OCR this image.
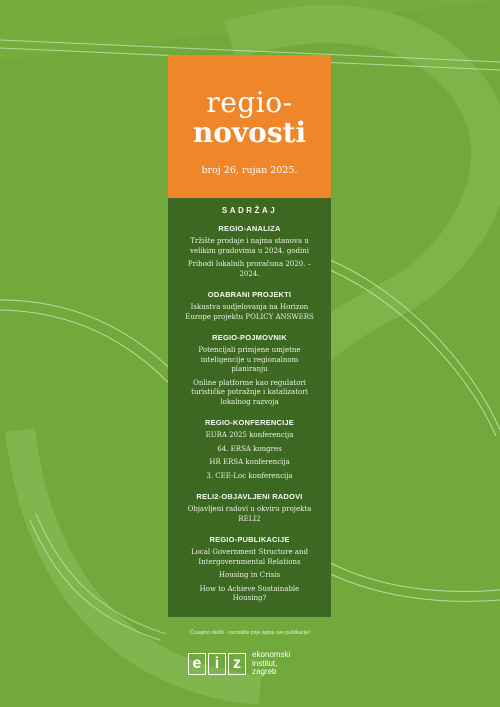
regio-
novosti
broj 26, rujan 2025.
SADRŽAJ
REGIO-ANALIZA
Tržište prodaje i najma stanova u velikim gradovima u 2024. godini
Prihodi lokalnih proračuna 2020. – 2024.
ODABRANI PROJEKTI
Iskustva sudjelovanja na Horizon Europe projektu POLICY ANSWERS
REGIO-POJMOVNIK
Potencijali primjene umjetne inteligencije u regionalnom planiranju
Online platforme kao regulatori turističke potražnje i katalizatori lokalnog razvoja
REGIO-KONFERENCIJE
EURA 2025 konferencija
64. ERSA kongres
HR ERSA konferencija
3. CEE-Loc konferencija
RELI2-OBJAVLJENI RADOVI
Objavljeni radovi u okviru projekta RELI2
REGIO-PUBLIKACIJE
Local Government Structure and Intergovernmental Relations
Housing in Crisis
How to Achieve Sustainable Housing?
Čuvajmo okoliš - razmislite prije ispisa ove publikacije!
e i z
ekonomski
institut,
zagreb
